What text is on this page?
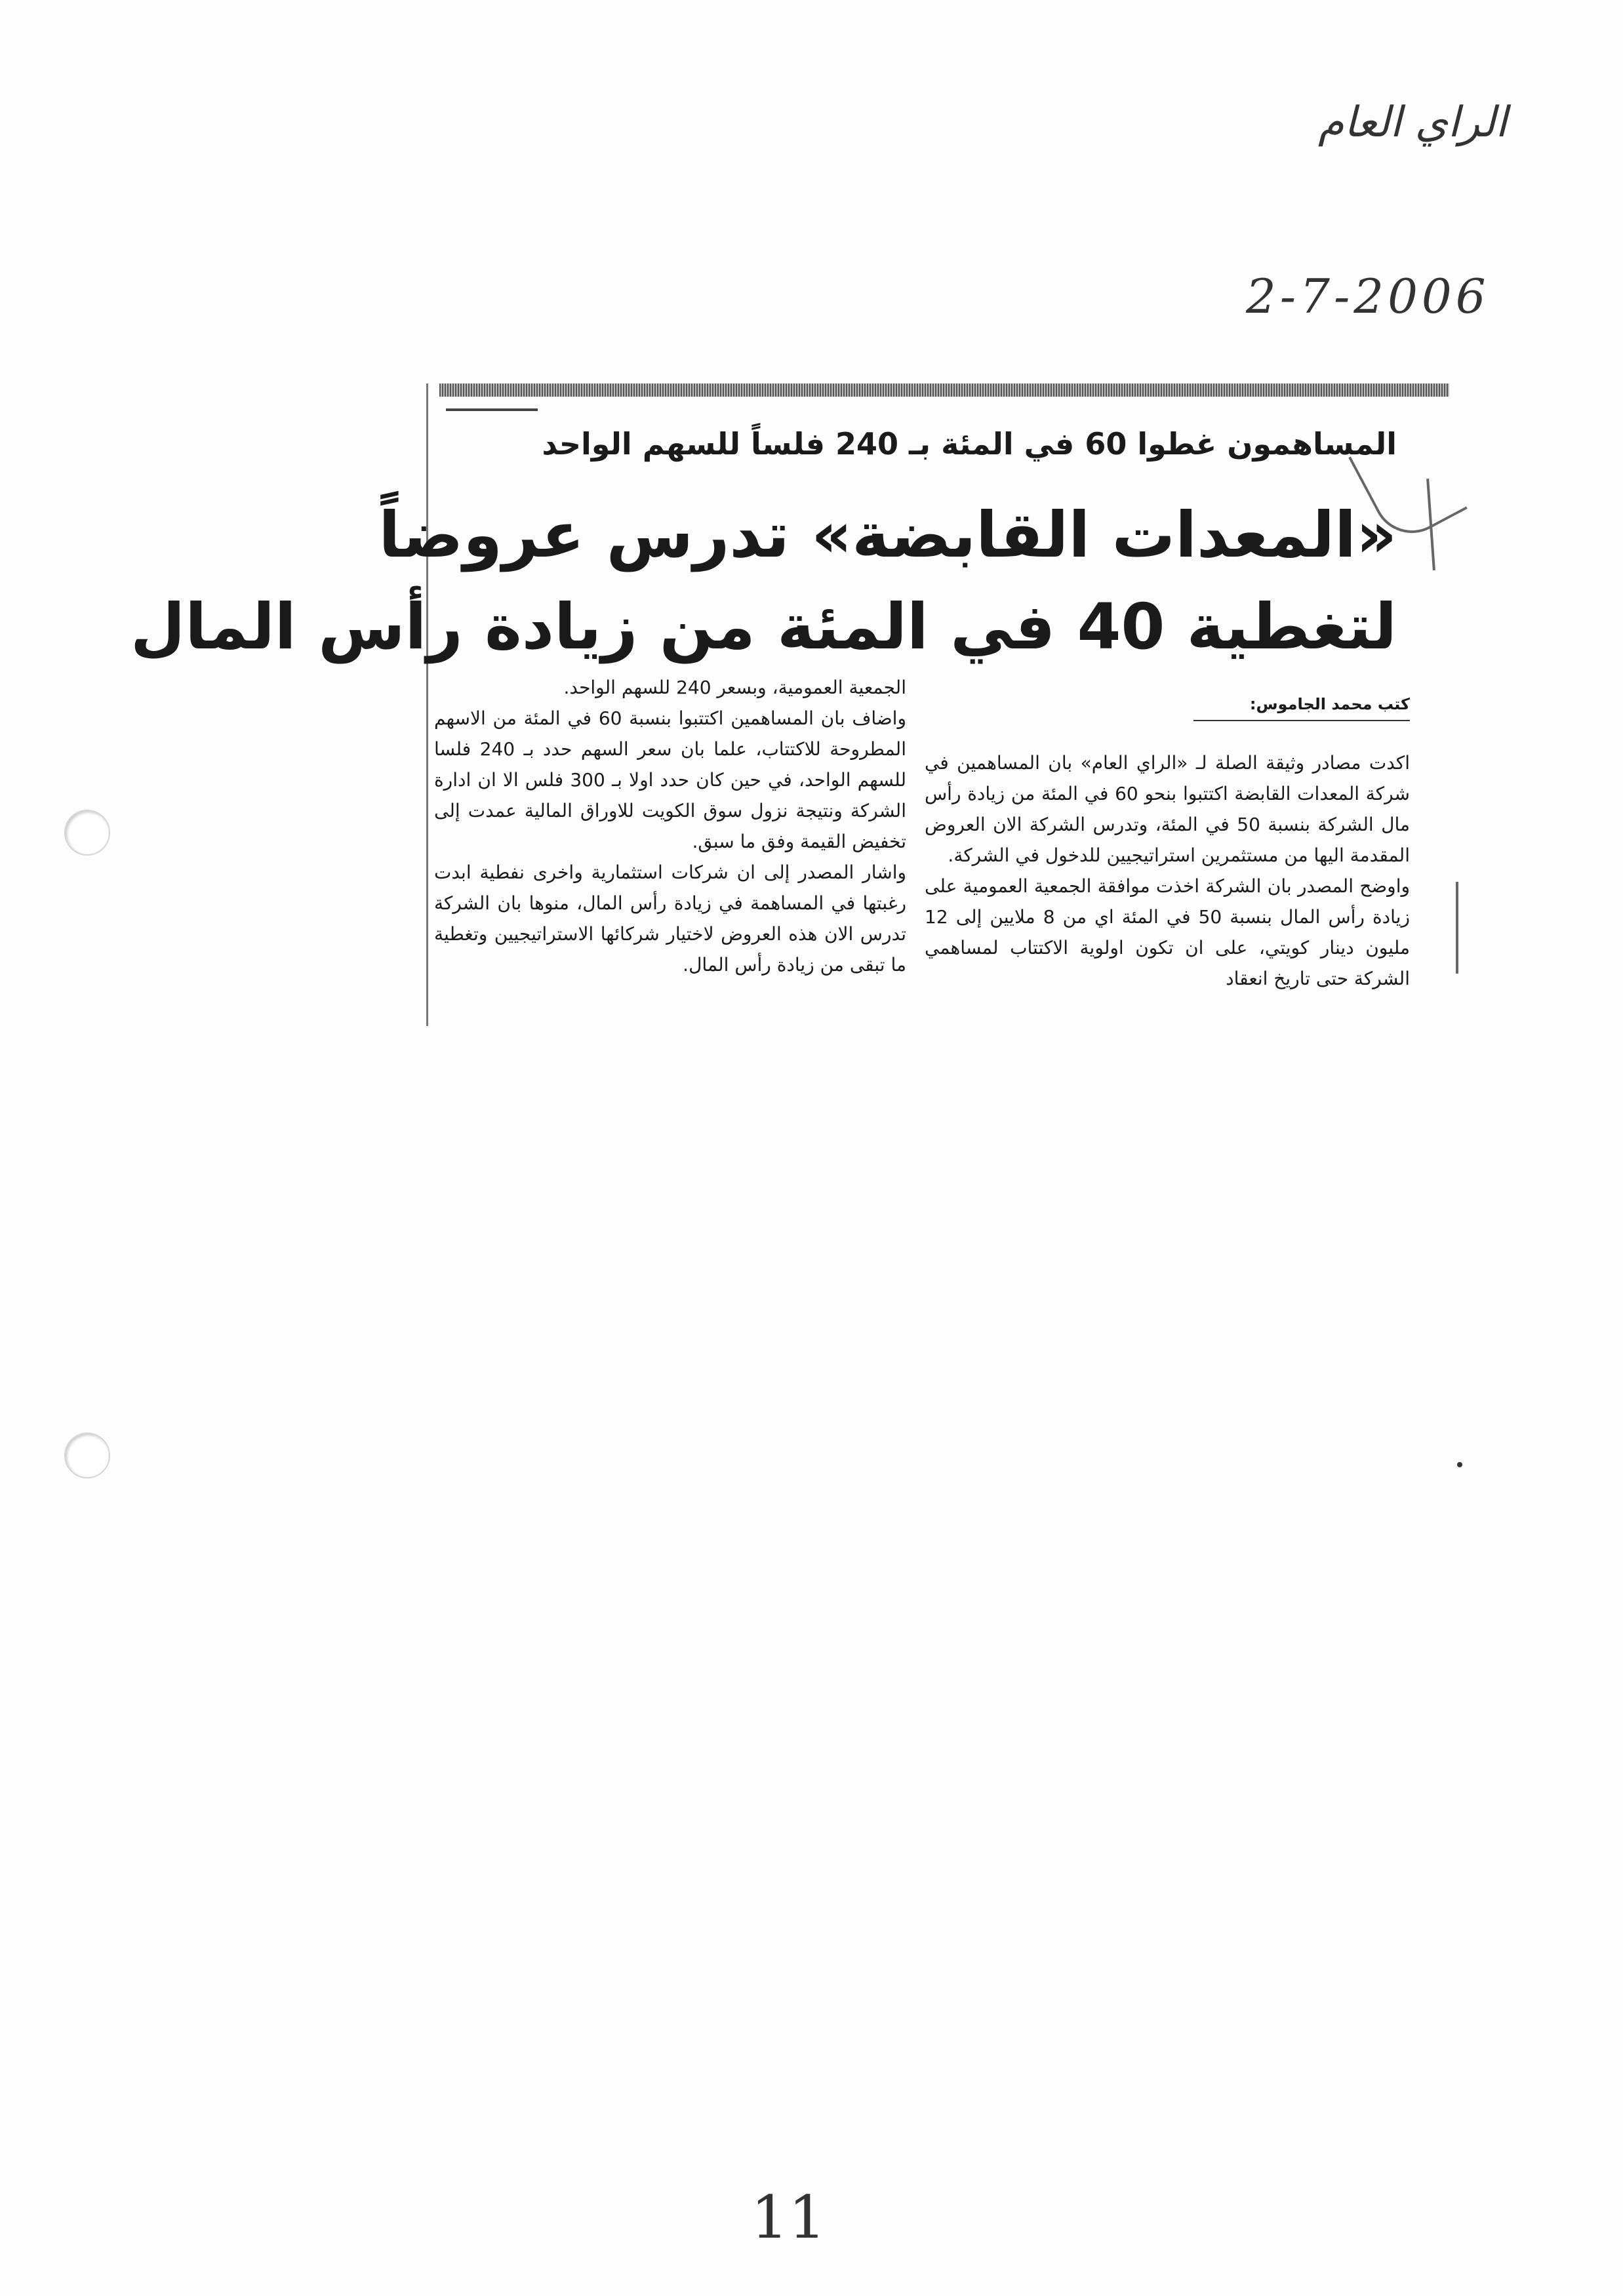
الراي العام
2-7-2006
المساهمون غطوا 60 في المئة بـ 240 فلساً للسهم الواحد
«المعدات القابضة» تدرس عروضاً
لتغطية 40 في المئة من زيادة رأس المال
كتب محمد الجاموس:

اكدت مصادر وثيقة الصلة لـ «الراي العام» بان المساهمين في شركة المعدات القابضة اكتتبوا بنحو 60 في المئة من زيادة رأس مال الشركة بنسبة 50 في المئة، وتدرس الشركة الان العروض المقدمة اليها من مستثمرين استراتيجيين للدخول في الشركة.

واوضح المصدر بان الشركة اخذت موافقة الجمعية العمومية على زيادة رأس المال بنسبة 50 في المئة اي من 8 ملايين إلى 12 مليون دينار كويتي، على ان تكون اولوية الاكتتاب لمساهمي الشركة حتى تاريخ انعقاد

الجمعية العمومية، وبسعر 240 للسهم الواحد.

واضاف بان المساهمين اكتتبوا بنسبة 60 في المئة من الاسهم المطروحة للاكتتاب، علما بان سعر السهم حدد بـ 240 فلسا للسهم الواحد، في حين كان حدد اولا بـ 300 فلس الا ان ادارة الشركة ونتيجة نزول سوق الكويت للاوراق المالية عمدت إلى تخفيض القيمة وفق ما سبق.

واشار المصدر إلى ان شركات استثمارية واخرى نفطية ابدت رغبتها في المساهمة في زيادة رأس المال، منوها بان الشركة تدرس الان هذه العروض لاختيار شركائها الاستراتيجيين وتغطية ما تبقى من زيادة رأس المال.

11
